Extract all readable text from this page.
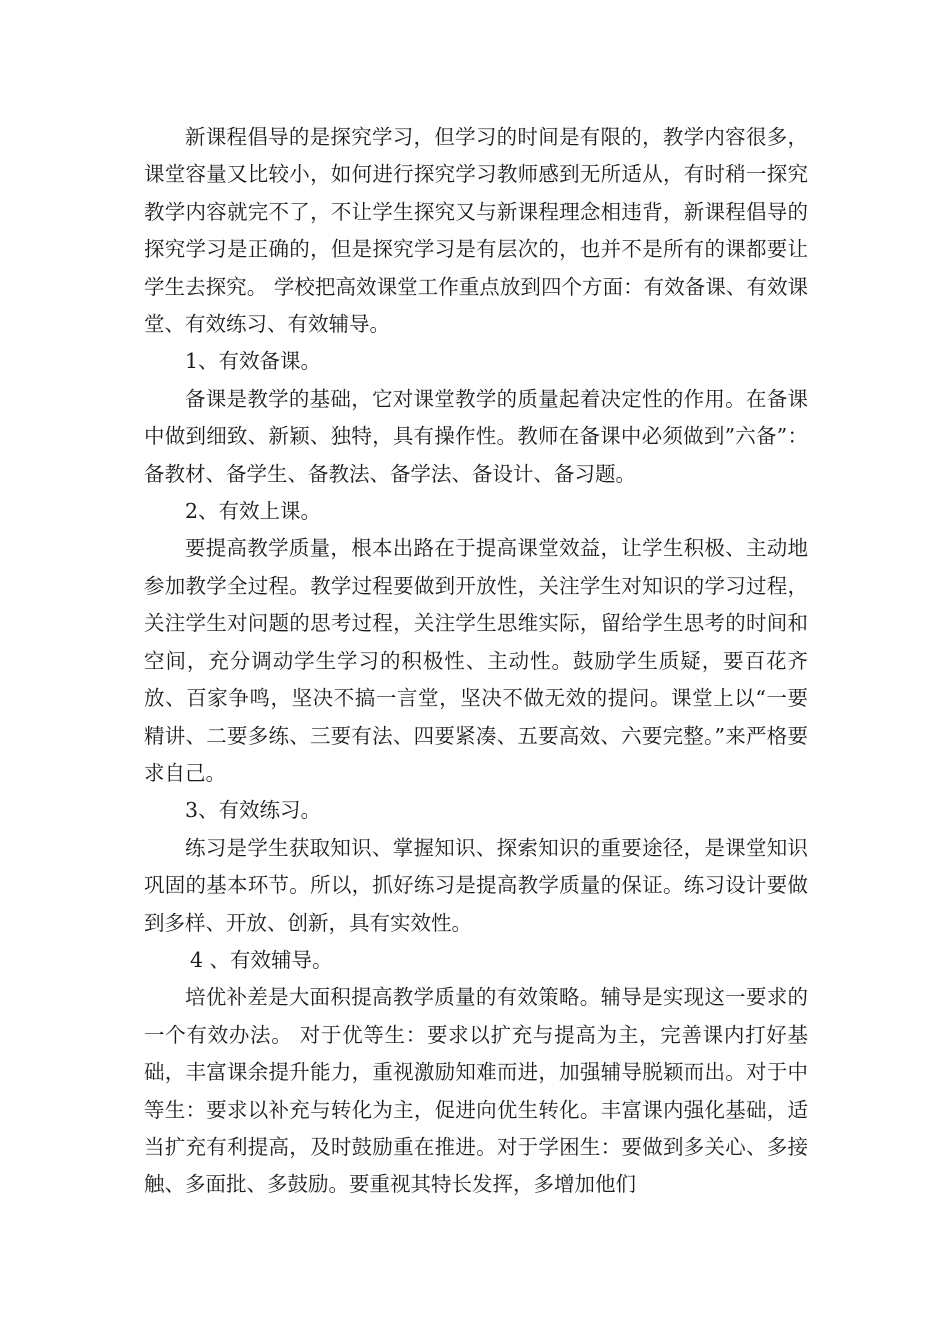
新课程倡导的是探究学习，但学习的时间是有限的，教学内容很多，课堂容量又比较小，如何进行探究学习教师感到无所适从，有时稍一探究教学内容就完不了，不让学生探究又与新课程理念相违背，新课程倡导的探究学习是正确的，但是探究学习是有层次的，也并不是所有的课都要让学生去探究。 学校把高效课堂工作重点放到四个方面：有效备课、有效课堂、有效练习、有效辅导。

1、有效备课。

备课是教学的基础，它对课堂教学的质量起着决定性的作用。在备课中做到细致、新颖、独特，具有操作性。教师在备课中必须做到”六备”：备教材、备学生、备教法、备学法、备设计、备习题。

2、有效上课。

要提高教学质量，根本出路在于提高课堂效益，让学生积极、主动地参加教学全过程。教学过程要做到开放性，关注学生对知识的学习过程，关注学生对问题的思考过程，关注学生思维实际，留给学生思考的时间和空间，充分调动学生学习的积极性、主动性。鼓励学生质疑，要百花齐放、百家争鸣，坚决不搞一言堂，坚决不做无效的提问。课堂上以“一要精讲、二要多练、三要有法、四要紧凑、五要高效、六要完整。”来严格要求自己。

3、有效练习。

练习是学生获取知识、掌握知识、探索知识的重要途径，是课堂知识巩固的基本环节。所以，抓好练习是提高教学质量的保证。练习设计要做到多样、开放、创新，具有实效性。

4 、有效辅导。

培优补差是大面积提高教学质量的有效策略。辅导是实现这一要求的一个有效办法。 对于优等生：要求以扩充与提高为主，完善课内打好基础，丰富课余提升能力，重视激励知难而进，加强辅导脱颖而出。对于中等生：要求以补充与转化为主，促进向优生转化。丰富课内强化基础，适当扩充有利提高，及时鼓励重在推进。对于学困生：要做到多关心、多接触、多面批、多鼓励。要重视其特长发挥，多增加他们
